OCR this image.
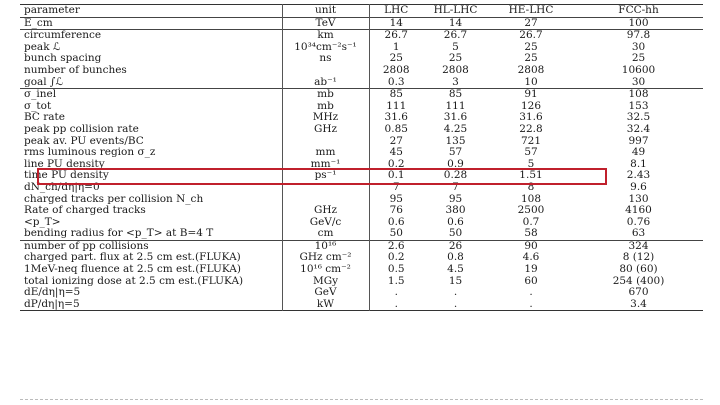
parameter	unit	LHC	HL-LHC	HE-LHC	FCC-hh
E_cm	TeV	14	14	27	100
circumference	km	26.7	26.7	26.7	97.8
peak ℒ	10³⁴cm⁻²s⁻¹	1	5	25	30
bunch spacing	ns	25	25	25	25
number of bunches		2808	2808	2808	10600
goal ∫ℒ	ab⁻¹	0.3	3	10	30
σ_inel	mb	85	85	91	108
σ_tot	mb	111	111	126	153
BC rate	MHz	31.6	31.6	31.6	32.5
peak pp collision rate	GHz	0.85	4.25	22.8	32.4
peak av. PU events/BC		27	135	721	997
rms luminous region σ_z	mm	45	57	57	49
line PU density	mm⁻¹	0.2	0.9	5	8.1
time PU density	ps⁻¹	0.1	0.28	1.51	2.43
dN_ch/dη|η=0		7	7	8	9.6
charged tracks per collision N_ch		95	95	108	130
Rate of charged tracks	GHz	76	380	2500	4160
<p_T>	GeV/c	0.6	0.6	0.7	0.76
bending radius for <p_T> at B=4 T	cm	50	50	58	63
number of pp collisions	10¹⁶	2.6	26	90	324
charged part. flux at 2.5 cm est.(FLUKA)	GHz cm⁻²	0.2	0.8	4.6	8 (12)
1MeV-neq fluence at 2.5 cm est.(FLUKA)	10¹⁶ cm⁻²	0.5	4.5	19	80 (60)
total ionizing dose at 2.5 cm est.(FLUKA)	MGy	1.5	15	60	254 (400)
dE/dη|η=5	GeV	.	.	.	670
dP/dη|η=5	kW	.	.	.	3.4
